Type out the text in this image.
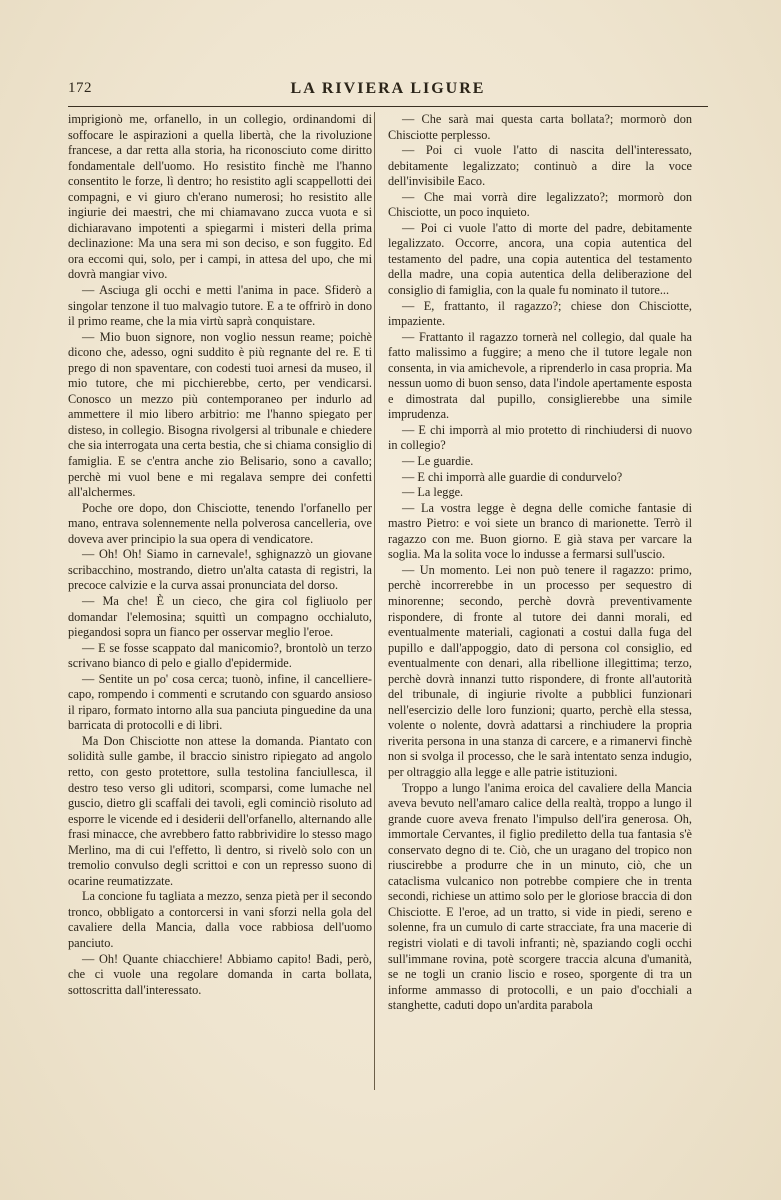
172	LA RIVIERA LIGURE

imprigionò me, orfanello, in un collegio, ordinandomi di soffocare le aspirazioni a quella libertà, che la rivoluzione francese, a dar retta alla storia, ha riconosciuto come diritto fondamentale dell'uomo. Ho resistito finchè me l'hanno consentito le forze, lì dentro; ho resistito agli scappellotti dei compagni, e vi giuro ch'erano numerosi; ho resistito alle ingiurie dei maestri, che mi chiamavano zucca vuota e si dichiaravano impotenti a spiegarmi i misteri della prima declinazione: Ma una sera mi son deciso, e son fuggito. Ed ora eccomi qui, solo, per i campi, in attesa del upo, che mi dovrà mangiar vivo.

— Asciuga gli occhi e metti l'anima in pace. Sfiderò a singolar tenzone il tuo malvagio tutore. E a te offrirò in dono il primo reame, che la mia virtù saprà conquistare.

— Mio buon signore, non voglio nessun reame; poichè dicono che, adesso, ogni suddito è più regnante del re. E ti prego di non spaventare, con codesti tuoi arnesi da museo, il mio tutore, che mi picchierebbe, certo, per vendicarsi. Conosco un mezzo più contemporaneo per indurlo ad ammettere il mio libero arbitrio: me l'hanno spiegato per disteso, in collegio. Bisogna rivolgersi al tribunale e chiedere che sia interrogata una certa bestia, che si chiama consiglio di famiglia. E se c'entra anche zio Belisario, sono a cavallo; perchè mi vuol bene e mi regalava sempre dei confetti all'alchermes.

Poche ore dopo, don Chisciotte, tenendo l'orfanello per mano, entrava solennemente nella polverosa cancelleria, ove doveva aver principio la sua opera di vendicatore.

— Oh! Oh! Siamo in carnevale!, sghignazzò un giovane scribacchino, mostrando, dietro un'alta catasta di registri, la precoce calvizie e la curva assai pronunciata del dorso.

— Ma che! È un cieco, che gira col figliuolo per domandar l'elemosina; squittì un compagno occhialuto, piegandosi sopra un fianco per osservar meglio l'eroe.

— E se fosse scappato dal manicomio?, brontolò un terzo scrivano bianco di pelo e giallo d'epidermide.

— Sentite un po' cosa cerca; tuonò, infine, il cancelliere-capo, rompendo i commenti e scrutando con sguardo ansioso il riparo, formato intorno alla sua panciuta pinguedine da una barricata di protocolli e di libri.

Ma Don Chisciotte non attese la domanda. Piantato con solidità sulle gambe, il braccio sinistro ripiegato ad angolo retto, con gesto protettore, sulla testolina fanciullesca, il destro teso verso gli uditori, scomparsi, come lumache nel guscio, dietro gli scaffali dei tavoli, egli cominciò risoluto ad esporre le vicende ed i desiderii dell'orfanello, alternando alle frasi minacce, che avrebbero fatto rabbrividire lo stesso mago Merlino, ma di cui l'effetto, lì dentro, si rivelò solo con un tremolio convulso degli scrittoi e con un represso suono di ocarine reumatizzate.

La concione fu tagliata a mezzo, senza pietà per il secondo tronco, obbligato a contorcersi in vani sforzi nella gola del cavaliere della Mancia, dalla voce rabbiosa dell'uomo panciuto.

— Oh! Quante chiacchiere! Abbiamo capito! Badi, però, che ci vuole una regolare domanda in carta bollata, sottoscritta dall'interessato.

— Che sarà mai questa carta bollata?; mormorò don Chisciotte perplesso.

— Poi ci vuole l'atto di nascita dell'interessato, debitamente legalizzato; continuò a dire la voce dell'invisibile Eaco.

— Che mai vorrà dire legalizzato?; mormorò don Chisciotte, un poco inquieto.

— Poi ci vuole l'atto di morte del padre, debitamente legalizzato. Occorre, ancora, una copia autentica del testamento del padre, una copia autentica del testamento della madre, una copia autentica della deliberazione del consiglio di famiglia, con la quale fu nominato il tutore...

— E, frattanto, il ragazzo?; chiese don Chisciotte, impaziente.

— Frattanto il ragazzo tornerà nel collegio, dal quale ha fatto malissimo a fuggire; a meno che il tutore legale non consenta, in via amichevole, a riprenderlo in casa propria. Ma nessun uomo di buon senso, data l'indole apertamente esposta e dimostrata dal pupillo, consiglierebbe una simile imprudenza.

— E chi imporrà al mio protetto di rinchiudersi di nuovo in collegio?

— Le guardie.

— E chi imporrà alle guardie di condurvelo?

— La legge.

— La vostra legge è degna delle comiche fantasie di mastro Pietro: e voi siete un branco di marionette. Terrò il ragazzo con me. Buon giorno. E già stava per varcare la soglia. Ma la solita voce lo indusse a fermarsi sull'uscio.

— Un momento. Lei non può tenere il ragazzo: primo, perchè incorrerebbe in un processo per sequestro di minorenne; secondo, perchè dovrà preventivamente rispondere, di fronte al tutore dei danni morali, ed eventualmente materiali, cagionati a costui dalla fuga del pupillo e dall'appoggio, dato di persona col consiglio, ed eventualmente con denari, alla ribellione illegittima; terzo, perchè dovrà innanzi tutto rispondere, di fronte all'autorità del tribunale, di ingiurie rivolte a pubblici funzionari nell'esercizio delle loro funzioni; quarto, perchè ella stessa, volente o nolente, dovrà adattarsi a rinchiudere la propria riverita persona in una stanza di carcere, e a rimanervi finchè non si svolga il processo, che le sarà intentato senza indugio, per oltraggio alla legge e alle patrie istituzioni.

Troppo a lungo l'anima eroica del cavaliere della Mancia aveva bevuto nell'amaro calice della realtà, troppo a lungo il grande cuore aveva frenato l'impulso dell'ira generosa. Oh, immortale Cervantes, il figlio prediletto della tua fantasia s'è conservato degno di te. Ciò, che un uragano del tropico non riuscirebbe a produrre che in un minuto, ciò, che un cataclisma vulcanico non potrebbe compiere che in trenta secondi, richiese un attimo solo per le gloriose braccia di don Chisciotte. E l'eroe, ad un tratto, si vide in piedi, sereno e solenne, fra un cumulo di carte stracciate, fra una macerie di registri violati e di tavoli infranti; nè, spaziando cogli occhi sull'immane rovina, potè scorgere traccia alcuna d'umanità, se ne togli un cranio liscio e roseo, sporgente di tra un informe ammasso di protocolli, e un paio d'occhiali a stanghette, caduti dopo un'ardita parabola
